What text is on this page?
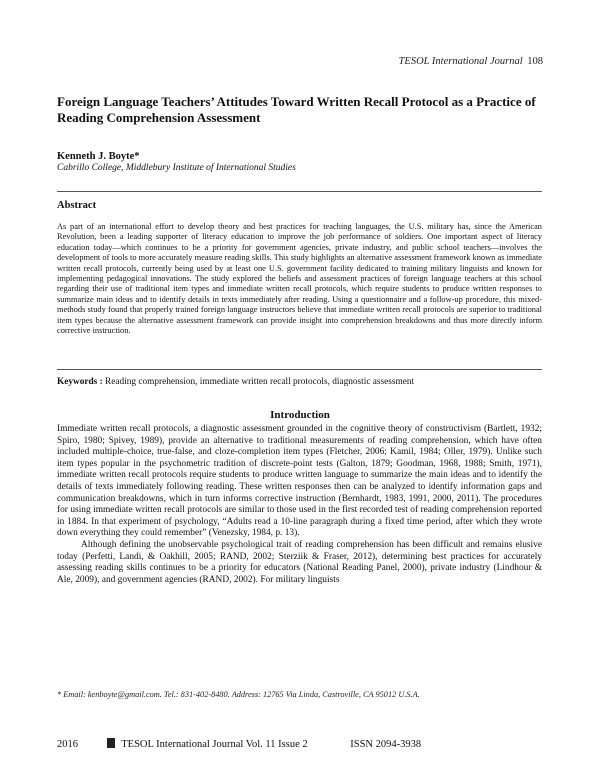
TESOL International Journal 108
Foreign Language Teachers’ Attitudes Toward Written Recall Protocol as a Practice of Reading Comprehension Assessment
Kenneth J. Boyte*
Cabrillo College, Middlebury Institute of International Studies
Abstract

As part of an international effort to develop theory and best practices for teaching languages, the U.S. military has, since the American Revolution, been a leading supporter of literacy education to improve the job performance of soldiers. One important aspect of literacy education today—which continues to be a priority for government agencies, private industry, and public school teachers—involves the development of tools to more accurately measure reading skills. This study highlights an alternative assessment framework known as immediate written recall protocols, currently being used by at least one U.S. government facility dedicated to training military linguists and known for implementing pedagogical innovations. The study explored the beliefs and assessment practices of foreign language teachers at this school regarding their use of traditional item types and immediate written recall protocols, which require students to produce written responses to summarize main ideas and to identify details in texts immediately after reading. Using a questionnaire and a follow-up procedure, this mixed-methods study found that properly trained foreign language instructors believe that immediate written recall protocols are superior to traditional item types because the alternative assessment framework can provide insight into comprehension breakdowns and thus more directly inform corrective instruction.

Keywords : Reading comprehension, immediate written recall protocols, diagnostic assessment
Introduction

Immediate written recall protocols, a diagnostic assessment grounded in the cognitive theory of constructivism (Bartlett, 1932; Spiro, 1980; Spivey, 1989), provide an alternative to traditional measurements of reading comprehension, which have often included multiple-choice, true-false, and cloze-completion item types (Fletcher, 2006; Kamil, 1984; Oller, 1979). Unlike such item types popular in the psychometric tradition of discrete-point tests (Galton, 1879; Goodman, 1968, 1988; Smith, 1971), immediate written recall protocols require students to produce written language to summarize the main ideas and to identify the details of texts immediately following reading. These written responses then can be analyzed to identify information gaps and communication breakdowns, which in turn informs corrective instruction (Bernhardt, 1983, 1991, 2000, 2011). The procedures for using immediate written recall protocols are similar to those used in the first recorded test of reading comprehension reported in 1884. In that experiment of psychology, “Adults read a 10-line paragraph during a fixed time period, after which they wrote down everything they could remember” (Venezsky, 1984, p. 13).

Although defining the unobservable psychological trait of reading comprehension has been difficult and remains elusive today (Perfetti, Landi, & Oakhill, 2005; RAND, 2002; Sterziik & Fraser, 2012), determining best practices for accurately assessing reading skills continues to be a priority for educators (National Reading Panel, 2000), private industry (Lindhour & Ale, 2009), and government agencies (RAND, 2002). For military linguists

* Email: kenboyte@gmail.com. Tel.: 831-402-8480. Address: 12765 Via Linda, Castroville, CA 95012 U.S.A.
2016	TESOL International Journal Vol. 11 Issue 2	ISSN 2094-3938
